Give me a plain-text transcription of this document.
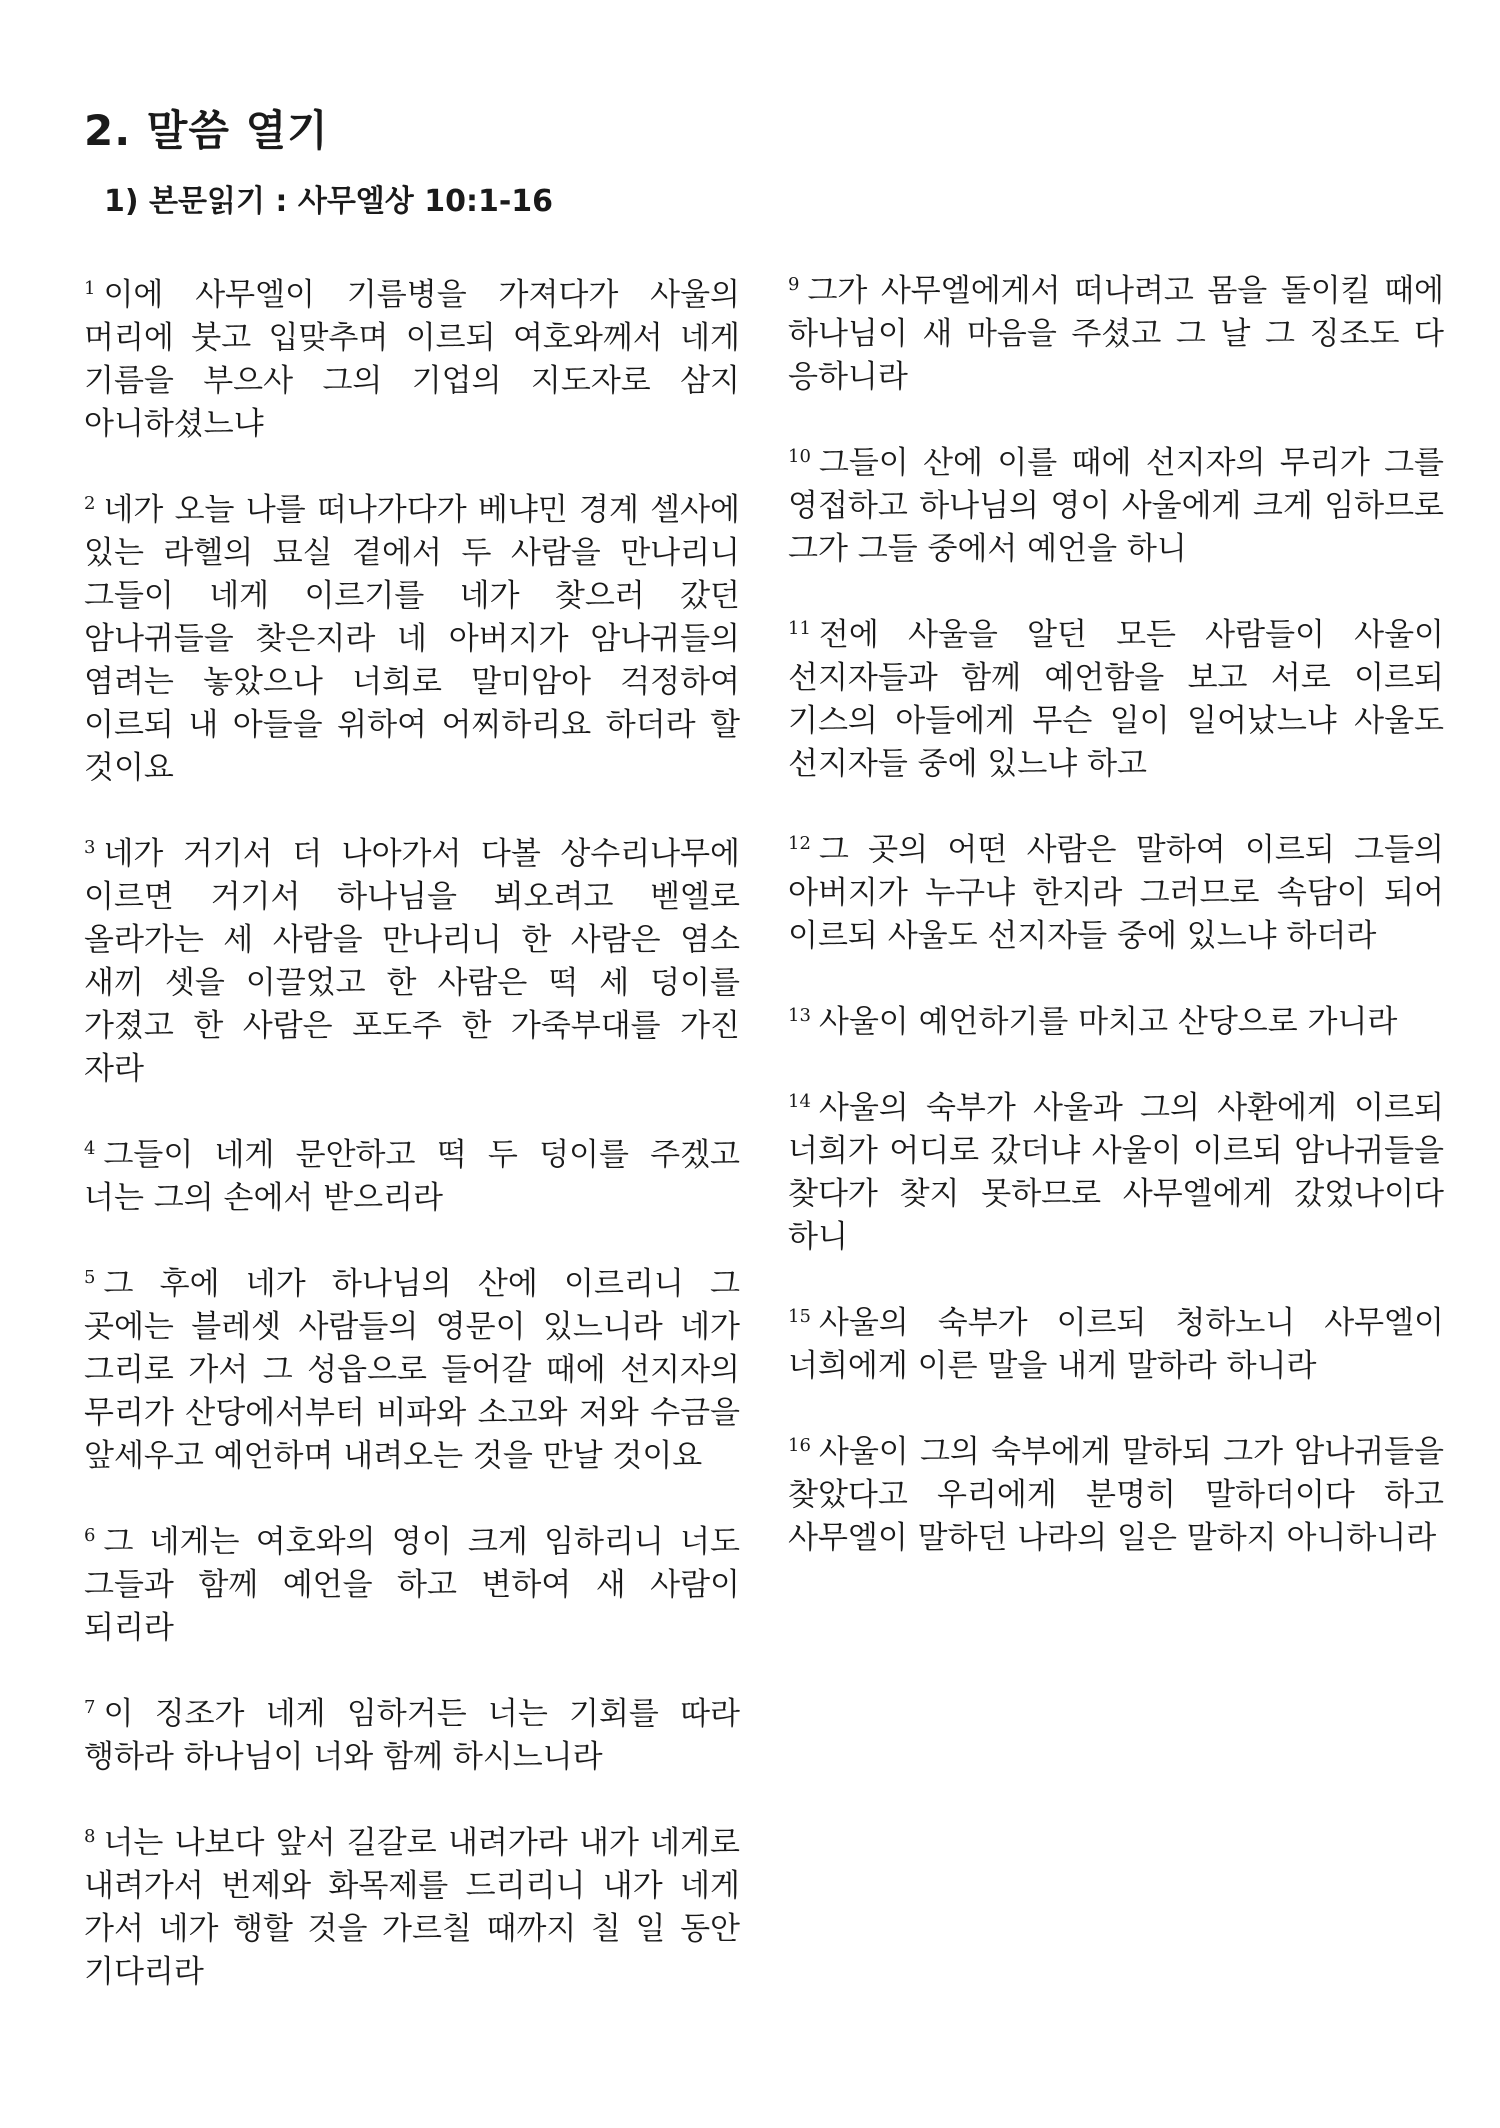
2. 말씀 열기
1) 본문읽기 : 사무엘상 10:1-16

$^1$ 이에 사무엘이 기름병을 가져다가 사울의 머리에 붓고 입맞추며 이르되 여호와께서 네게 기름을 부으사 그의 기업의 지도자로 삼지 아니하셨느냐

$^2$ 네가 오늘 나를 떠나가다가 베냐민 경계 셀사에 있는 라헬의 묘실 곁에서 두 사람을 만나리니 그들이 네게 이르기를 네가 찾으러 갔던 암나귀들을 찾은지라 네 아버지가 암나귀들의 염려는 놓았으나 너희로 말미암아 걱정하여 이르되 내 아들을 위하여 어찌하리요 하더라 할 것이요

$^3$ 네가 거기서 더 나아가서 다볼 상수리나무에 이르면 거기서 하나님을 뵈오려고 벧엘로 올라가는 세 사람을 만나리니 한 사람은 염소 새끼 셋을 이끌었고 한 사람은 떡 세 덩이를 가졌고 한 사람은 포도주 한 가죽부대를 가진 자라

$^4$ 그들이 네게 문안하고 떡 두 덩이를 주겠고 너는 그의 손에서 받으리라

$^5$ 그 후에 네가 하나님의 산에 이르리니 그 곳에는 블레셋 사람들의 영문이 있느니라 네가 그리로 가서 그 성읍으로 들어갈 때에 선지자의 무리가 산당에서부터 비파와 소고와 저와 수금을 앞세우고 예언하며 내려오는 것을 만날 것이요

$^6$ 그 네게는 여호와의 영이 크게 임하리니 너도 그들과 함께 예언을 하고 변하여 새 사람이 되리라

$^7$ 이 징조가 네게 임하거든 너는 기회를 따라 행하라 하나님이 너와 함께 하시느니라

$^8$ 너는 나보다 앞서 길갈로 내려가라 내가 네게로 내려가서 번제와 화목제를 드리리니 내가 네게 가서 네가 행할 것을 가르칠 때까지 칠 일 동안 기다리라

$^9$ 그가 사무엘에게서 떠나려고 몸을 돌이킬 때에 하나님이 새 마음을 주셨고 그 날 그 징조도 다 응하니라

$^{10}$ 그들이 산에 이를 때에 선지자의 무리가 그를 영접하고 하나님의 영이 사울에게 크게 임하므로 그가 그들 중에서 예언을 하니

$^{11}$ 전에 사울을 알던 모든 사람들이 사울이 선지자들과 함께 예언함을 보고 서로 이르되 기스의 아들에게 무슨 일이 일어났느냐 사울도 선지자들 중에 있느냐 하고

$^{12}$ 그 곳의 어떤 사람은 말하여 이르되 그들의 아버지가 누구냐 한지라 그러므로 속담이 되어 이르되 사울도 선지자들 중에 있느냐 하더라

$^{13}$ 사울이 예언하기를 마치고 산당으로 가니라

$^{14}$ 사울의 숙부가 사울과 그의 사환에게 이르되 너희가 어디로 갔더냐 사울이 이르되 암나귀들을 찾다가 찾지 못하므로 사무엘에게 갔었나이다 하니

$^{15}$ 사울의 숙부가 이르되 청하노니 사무엘이 너희에게 이른 말을 내게 말하라 하니라

$^{16}$ 사울이 그의 숙부에게 말하되 그가 암나귀들을 찾았다고 우리에게 분명히 말하더이다 하고 사무엘이 말하던 나라의 일은 말하지 아니하니라
